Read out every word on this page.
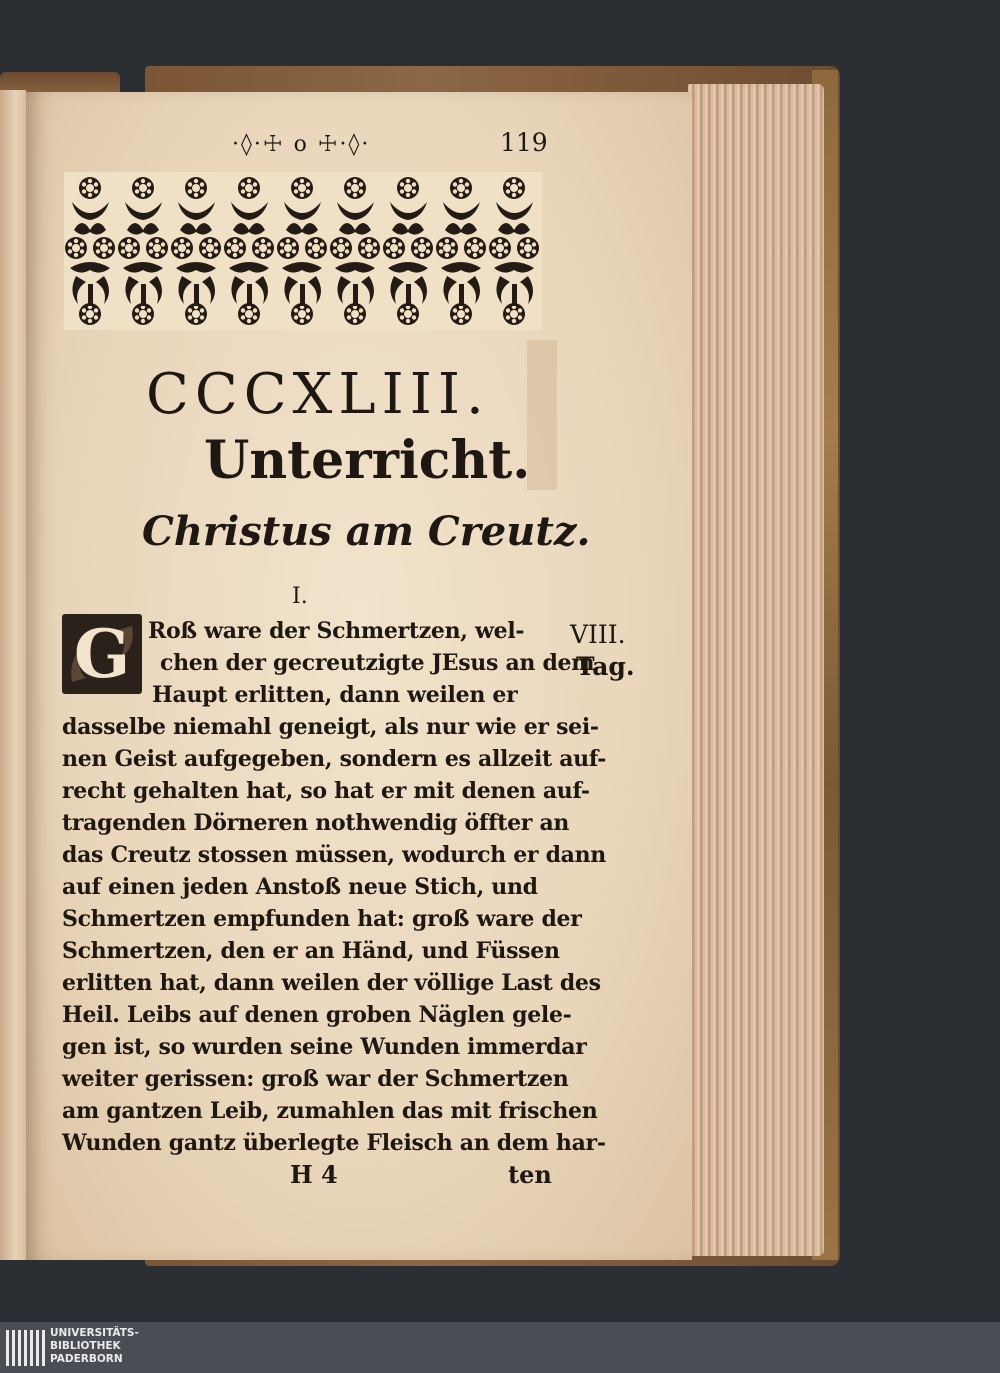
·◊·☩ o ☩·◊·	119
CCCXLIII.
Unterricht.
Christus am Creutz.
I.
G Roß ware der Schmertzen, wel-
chen der gecreutzigte JEsus an dem
Haupt erlitten, dann weilen er
dasselbe niemahl geneigt, als nur wie er sei-
nen Geist aufgegeben, sondern es allzeit auf-
recht gehalten hat, so hat er mit denen auf-
tragenden Dörneren nothwendig öffter an
das Creutz stossen müssen, wodurch er dann
auf einen jeden Anstoß neue Stich, und
Schmertzen empfunden hat: groß ware der
Schmertzen, den er an Händ, und Füssen
erlitten hat, dann weilen der völlige Last des
Heil. Leibs auf denen groben Näglen gele-
gen ist, so wurden seine Wunden immerdar
weiter gerissen: groß war der Schmertzen
am gantzen Leib, zumahlen das mit frischen
Wunden gantz überlegte Fleisch an dem har-
VIII.
Tag.
H 4	ten
UNIVERSITÄTS-
BIBLIOTHEK
PADERBORN
